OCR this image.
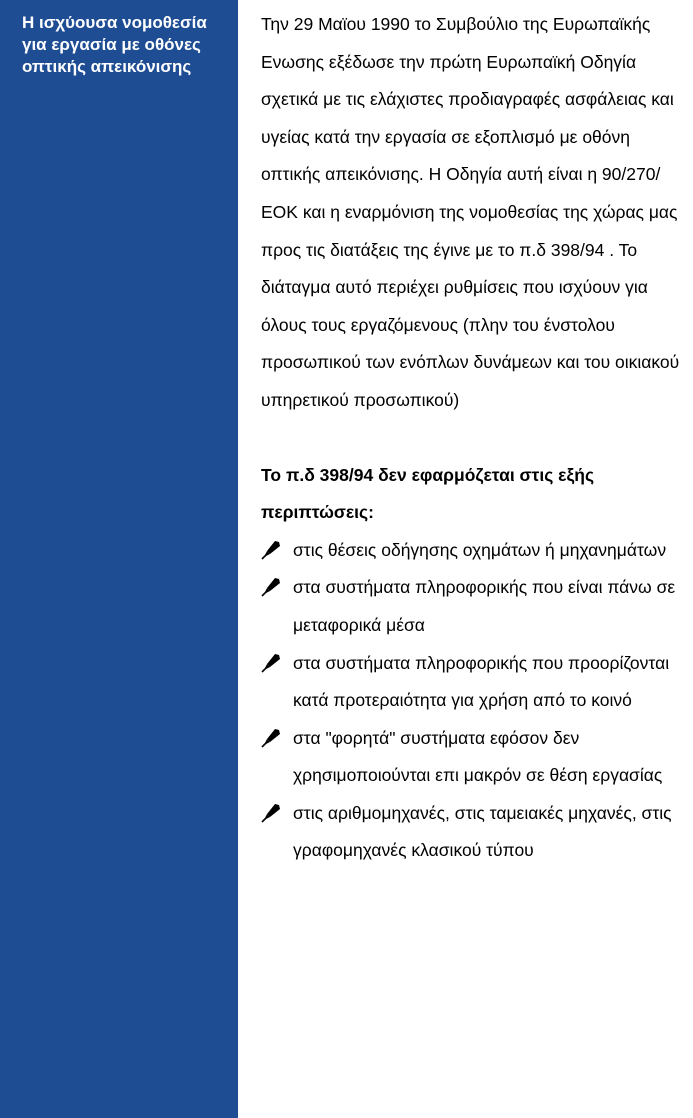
Η ισχύουσα νομοθεσία για εργασία με οθόνες οπτικής απεικόνισης

Την 29 Μαϊου 1990 το Συμβούλιο της Ευρωπαϊκής Ενωσης εξέδωσε την πρώτη Ευρωπαϊκή Οδηγία σχετικά με τις ελάχιστες προδιαγραφές ασφάλειας και υγείας κατά την εργασία σε εξοπλισμό με οθόνη οπτικής απεικόνισης. Η Οδηγία αυτή είναι η 90/270/ΕΟΚ και η εναρμόνιση της νομοθεσίας της χώρας μας προς τις διατάξεις της έγινε με το π.δ 398/94 . Το διάταγμα αυτό περιέχει ρυθμίσεις που ισχύουν για όλους τους εργαζόμενους (πλην του ένστολου προσωπικού των ενόπλων δυνάμεων και του οικιακού υπηρετικού προσωπικού)

Το π.δ 398/94 δεν εφαρμόζεται στις εξής περιπτώσεις:

στις θέσεις οδήγησης οχημάτων ή μηχανημάτων
στα συστήματα πληροφορικής που είναι πάνω σε μεταφορικά μέσα
στα συστήματα πληροφορικής που προορίζονται κατά προτεραιότητα για χρήση από το κοινό
στα "φορητά" συστήματα εφόσον δεν χρησιμοποιούνται επι μακρόν σε θέση εργασίας
στις αριθμομηχανές, στις ταμειακές μηχανές, στις γραφομηχανές κλασικού τύπου
